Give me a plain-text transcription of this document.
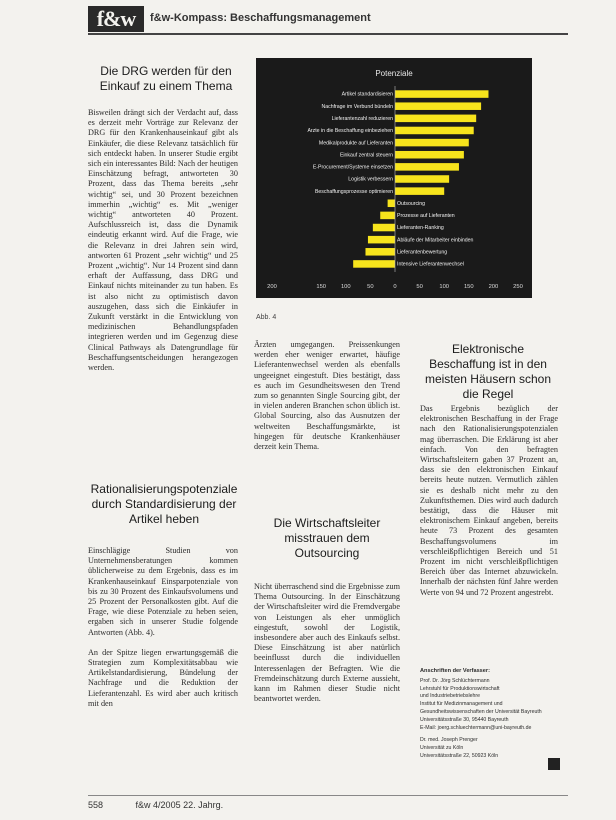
f&w	f&w-Kompass: Beschaffungsmanagement
Die DRG werden für den Einkauf zu einem Thema

Bisweilen drängt sich der Verdacht auf, dass es derzeit mehr Vorträge zur Relevanz der DRG für den Krankenhauseinkauf gibt als Einkäufer, die diese Relevanz tatsächlich für sich entdeckt haben. In unserer Studie ergibt sich ein interessantes Bild: Nach der heutigen Einschätzung befragt, antworteten 30 Prozent, dass das Thema bereits „sehr wichtig“ sei, und 30 Prozent bezeichnen immerhin „wichtig“ es. Mit „weniger wichtig“ antworteten 40 Prozent. Aufschlussreich ist, dass die Dynamik eindeutig erkannt wird. Auf die Frage, wie die Relevanz in drei Jahren sein wird, antworten 61 Prozent „sehr wichtig“ und 25 Prozent „wichtig“. Nur 14 Prozent sind dann erhaft der Auffassung, dass DRG und Einkauf nichts miteinander zu tun haben. Es ist also nicht zu optimistisch davon auszugehen, dass sich die Einkäufer in Zukunft verstärkt in die Entwicklung von medizinischen Behandlungspfaden integrieren werden und im Gegenzug diese Clinical Pathways als Datengrundlage für Beschaffungsentscheidungen herangezogen werden.

Rationalisierungspotenziale durch Standardisierung der Artikel heben

Einschlägige Studien von Unternehmensberatungen kommen üblicherweise zu dem Ergebnis, dass es im Krankenhauseinkauf Einsparpotenziale von bis zu 30 Prozent des Einkaufsvolumens und 25 Prozent der Personalkosten gibt. Auf die Frage, wie diese Potenziale zu heben seien, ergaben sich in unserer Studie folgende Antworten (Abb. 4).

An der Spitze liegen erwartungsgemäß die Strategien zum Komplexitätsabbau wie Artikelstandardisierung, Bündelung der Nachfrage und die Reduktion der Lieferantenzahl. Es wird aber auch kritisch mit den

Potenziale
Artikel standardisieren
Nachfrage im Verbund bündeln
Lieferantenzahl reduzieren
Arzte in die Beschaffung einbeziehen
Medikalprodukte auf Lieferanten
Einkauf zentral steuern
E-Procurement/Systeme einsetzen
Logistik verbessern
Beschaffungsprozesse optimieren
Outsourcing
Prozesse auf Lieferanten
Lieferanten-Ranking
Abläufe der Mitarbeiter einbinden
Lieferantenbewertung
Intensive Lieferantenwechsel
200	150	100	50	0	50	100	150	200	250
Abb. 4

Ärzten umgegangen. Preissenkungen werden eher weniger erwartet, häufige Lieferantenwechsel werden als ebenfalls ungeeignet eingestuft. Dies bestätigt, dass es auch im Gesundheitswesen den Trend zum so genannten Single Sourcing gibt, der in vielen anderen Branchen schon üblich ist. Global Sourcing, also das Ausnutzen der weltweiten Beschaffungsmärkte, ist hingegen für deutsche Krankenhäuser derzeit kein Thema.

Die Wirtschaftsleiter misstrauen dem Outsourcing

Nicht überraschend sind die Ergebnisse zum Thema Outsourcing. In der Einschätzung der Wirtschaftsleiter wird die Fremdvergabe von Leistungen als eher unmöglich eingestuft, sowohl der Logistik, insbesondere aber auch des Einkaufs selbst. Diese Einschätzung ist aber natürlich beeinflusst durch die individuellen Interessenlagen der Befragten. Wie die Fremdeinschätzung durch Externe aussieht, kann im Rahmen dieser Studie nicht beantwortet werden.

Elektronische Beschaffung ist in den meisten Häusern schon die Regel

Das Ergebnis bezüglich der elektronischen Beschaffung in der Frage nach den Rationalisierungspotenzialen mag überraschen. Die Erklärung ist aber einfach. Von den befragten Wirtschaftsleitern gaben 37 Prozent an, dass sie den elektronischen Einkauf bereits heute nutzen. Vermutlich zählen sie es deshalb nicht mehr zu den Zukunftsthemen. Dies wird auch dadurch bestätigt, dass die Häuser mit elektronischem Einkauf angeben, bereits heute 73 Prozent des gesamten Beschaffungsvolumens im verschleißpflichtigen Bereich und 51 Prozent im nicht verschleißpflichtigen Bereich über das Internet abzuwickeln. Innerhalb der nächsten fünf Jahre werden Werte von 94 und 72 Prozent angestrebt.

Anschriften der Verfasser:
Prof. Dr. Jörg Schlüchtermann
Lehrstuhl für Produktionswirtschaft
und Industriebetriebslehre
Institut für Medizinmanagement und Gesundheitswissenschaften der Universität Bayreuth
Universitätsstraße 30, 95440 Bayreuth
E-Mail: joerg.schluechtermann@uni-bayreuth.de
Dr. med. Joseph Prenger
Universität zu Köln
Universitätsstraße 22, 50923 Köln
558	f&w 4/2005 22. Jahrg.
